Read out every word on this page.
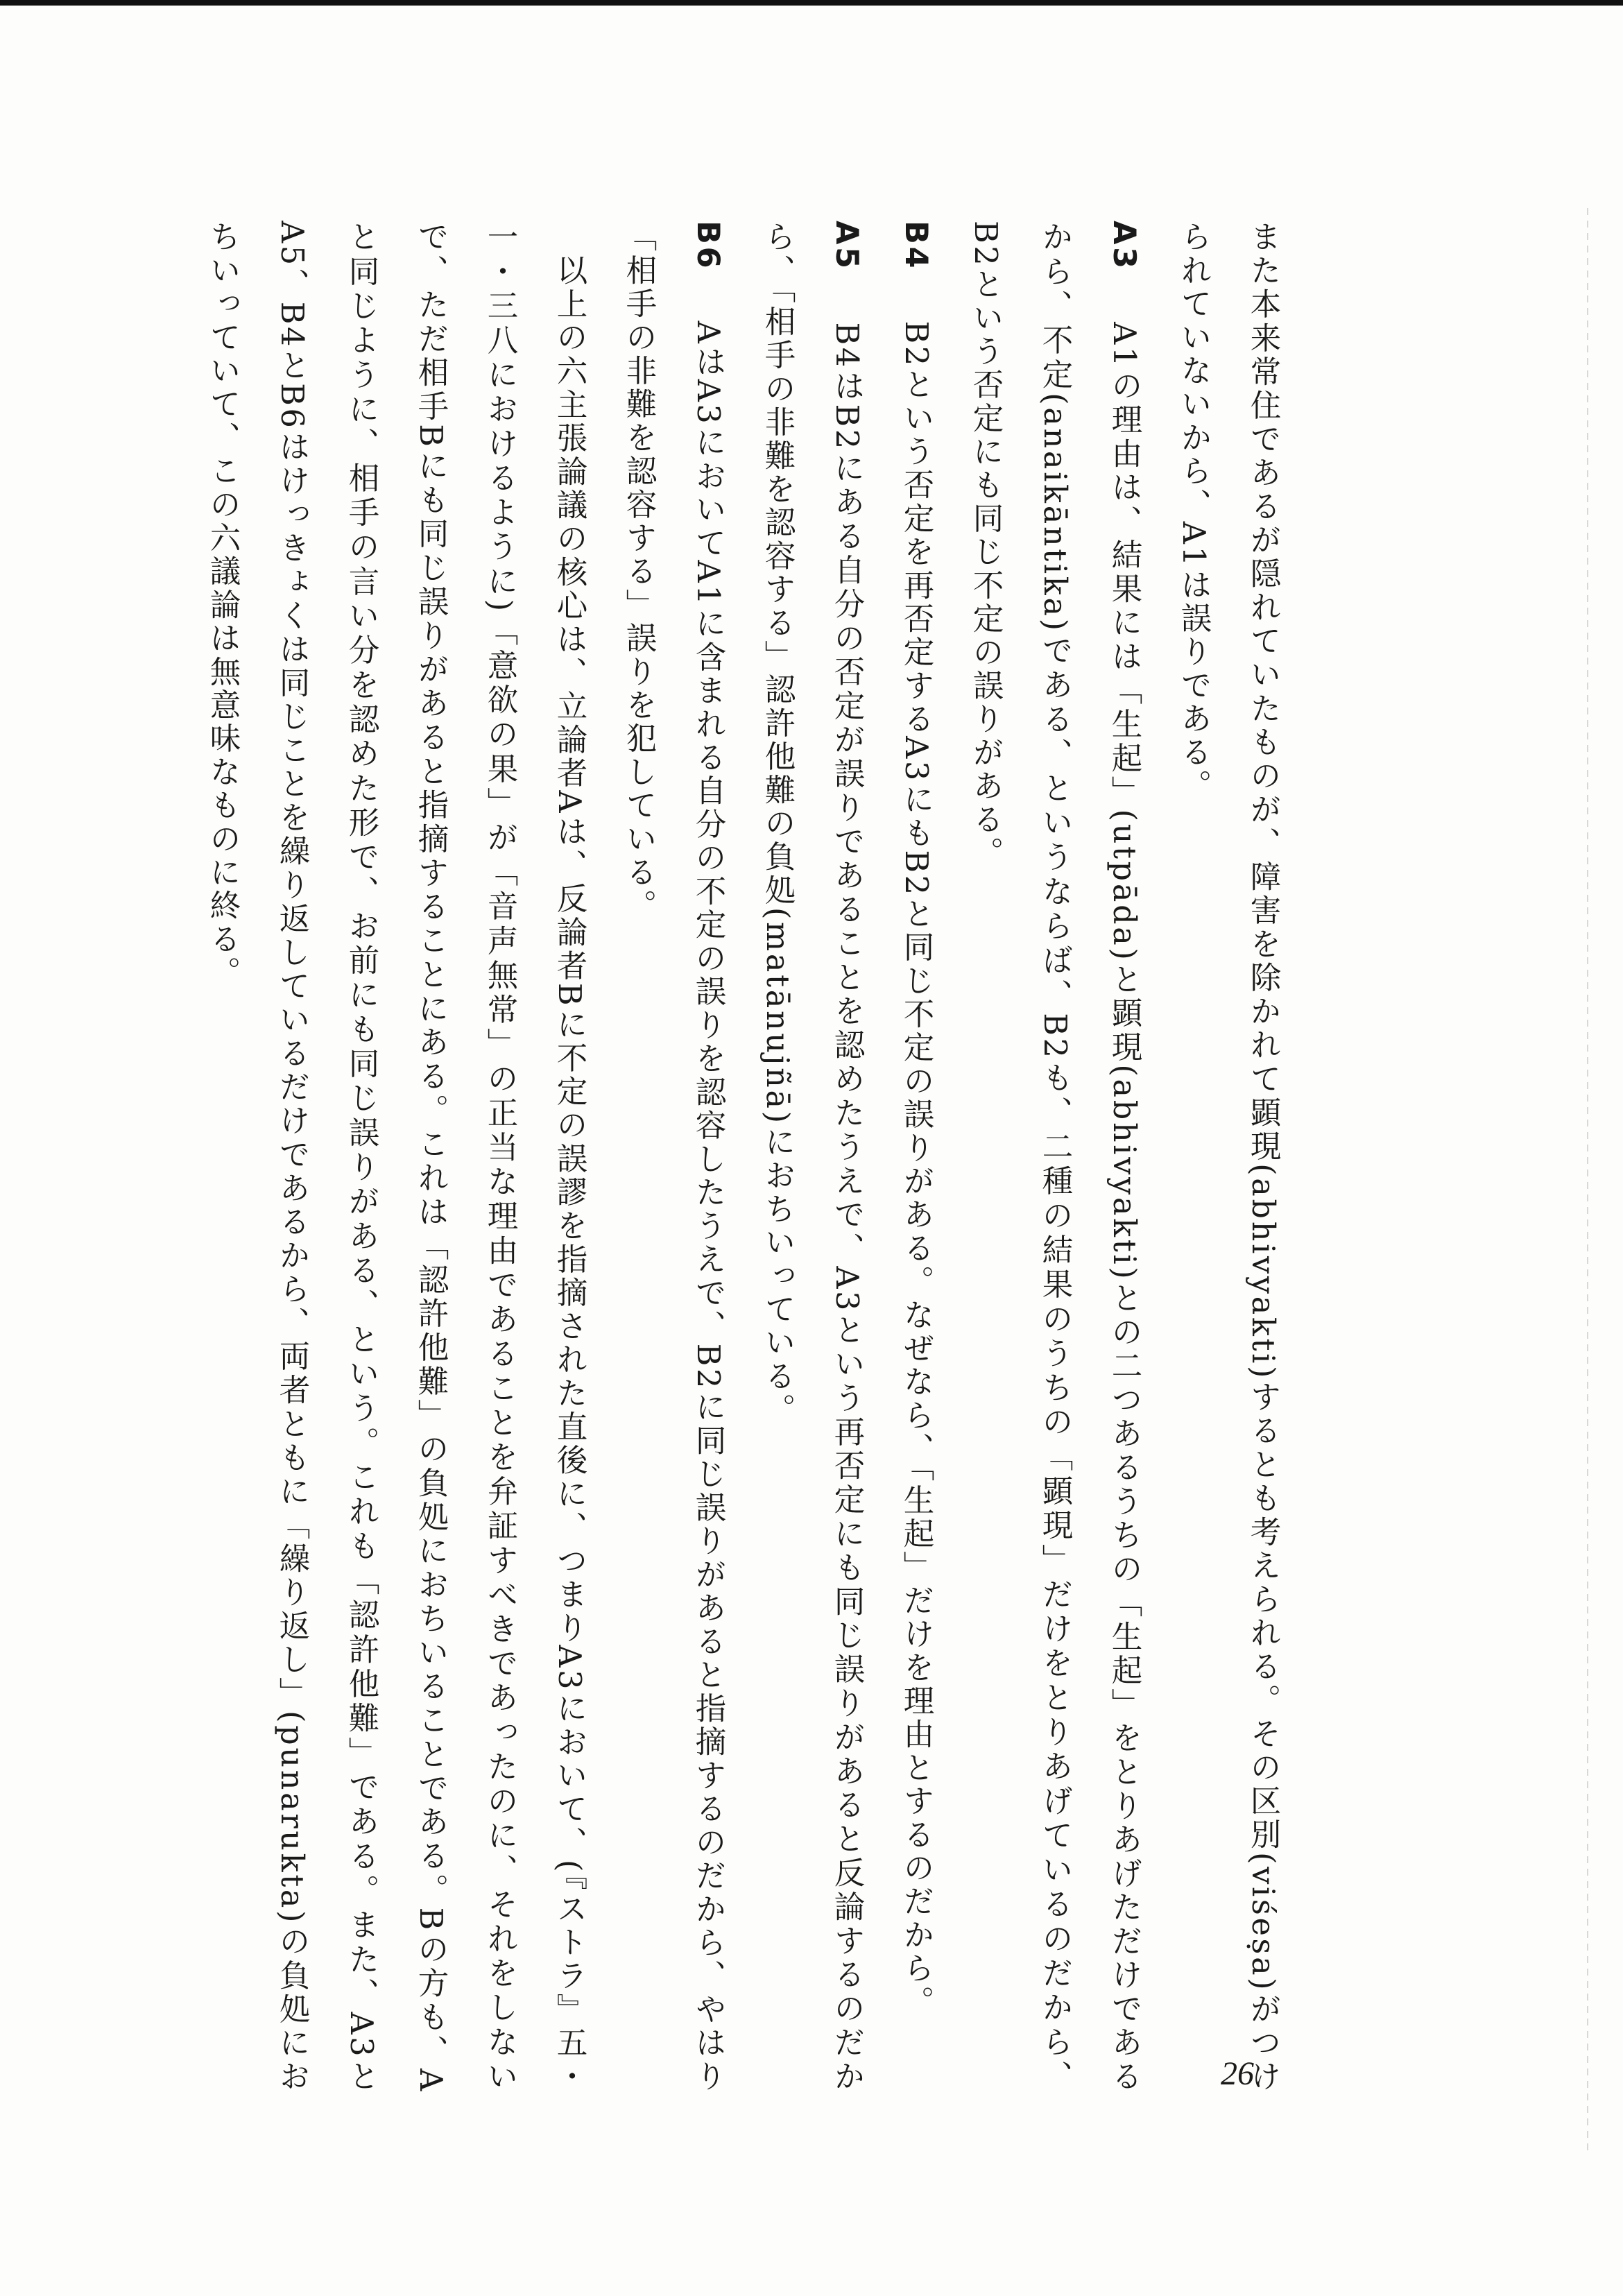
また本来常住であるが隠れていたものが、障害を除かれて顕現(abhivyakti)するとも考えられる。その区別(viśeṣa)がつけられていないから、A1は誤りである。

A3　A1の理由は、結果には「生起」(utpāda)と顕現(abhivyakti)との二つあるうちの「生起」をとりあげただけであるから、不定(anaikāntika)である、というならば、B2も、二種の結果のうちの「顕現」だけをとりあげているのだから、B2という否定にも同じ不定の誤りがある。

B4　B2という否定を再否定するA3にもB2と同じ不定の誤りがある。なぜなら、「生起」だけを理由とするのだから。

A5　B4はB2にある自分の否定が誤りであることを認めたうえで、A3という再否定にも同じ誤りがあると反論するのだから、「相手の非難を認容する」認許他難の負処(matānujñā)におちいっている。

B6　AはA3においてA1に含まれる自分の不定の誤りを認容したうえで、B2に同じ誤りがあると指摘するのだから、やはり「相手の非難を認容する」誤りを犯している。

　以上の六主張論議の核心は、立論者Aは、反論者Bに不定の誤謬を指摘された直後に、つまりA3において、(『ストラ』五・一・三八におけるように)「意欲の果」が「音声無常」の正当な理由であることを弁証すべきであったのに、それをしないで、ただ相手Bにも同じ誤りがあると指摘することにある。これは「認許他難」の負処におちいることである。Bの方も、Aと同じように、相手の言い分を認めた形で、お前にも同じ誤りがある、という。これも「認許他難」である。また、A3とA5、B4とB6はけっきょくは同じことを繰り返しているだけであるから、両者ともに「繰り返し」(punarukta)の負処におちいっていて、この六議論は無意味なものに終る。

26
